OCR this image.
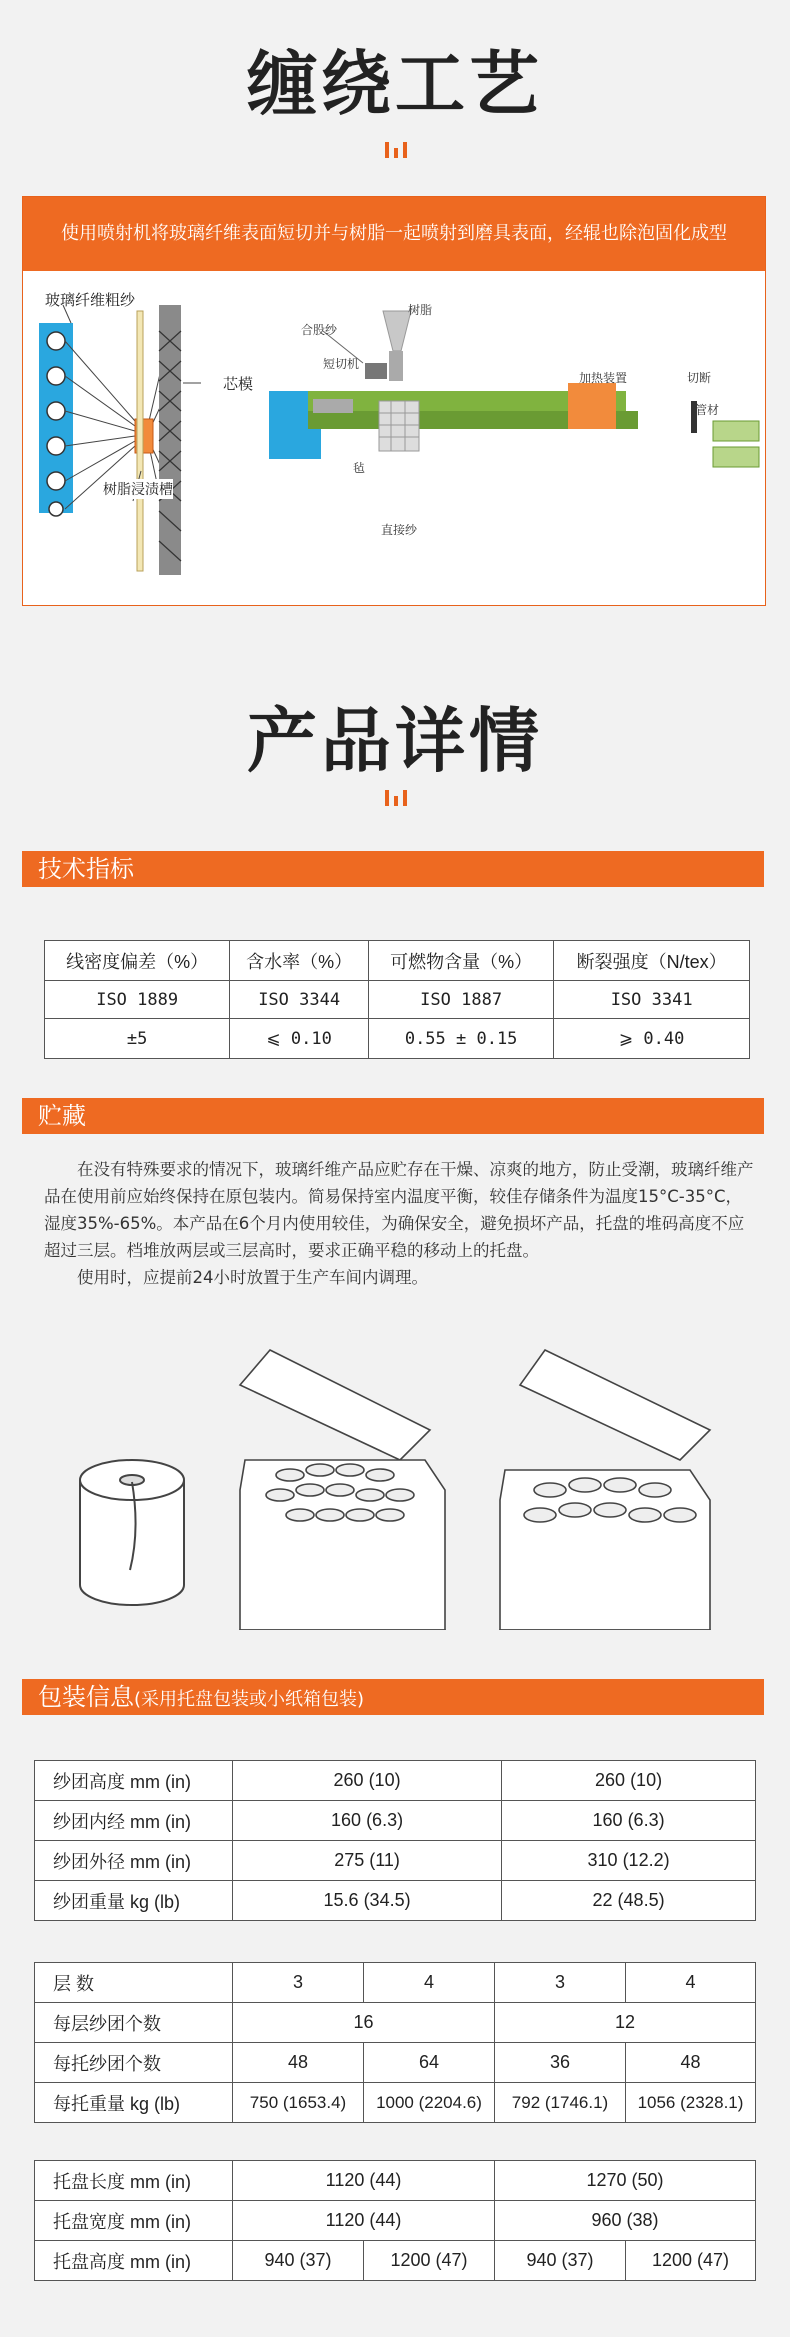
缠绕工艺
使用喷射机将玻璃纤维表面短切并与树脂一起喷射到磨具表面，经辊也除泡固化成型
玻璃纤维粗纱
芯模
树脂浸渍槽
树脂
合股纱
短切机
加热装置	切断
管材
毡
直接纱
产品详情
技术指标
线密度偏差（%）	含水率（%）	可燃物含量（%）	断裂强度（N/tex）
ISO 1889	ISO 3344	ISO 1887	ISO 3341
±5	⩽ 0.10	0.55 ± 0.15	⩾ 0.40
贮藏

在没有特殊要求的情况下，玻璃纤维产品应贮存在干燥、凉爽的地方，防止受潮，玻璃纤维产品在使用前应始终保持在原包装内。简易保持室内温度平衡，较佳存储条件为温度15°C-35°C，湿度35%-65%。本产品在6个月内使用较佳，为确保安全，避免损坏产品，托盘的堆码高度不应超过三层。档堆放两层或三层高时，要求正确平稳的移动上的托盘。

使用时，应提前24小时放置于生产车间内调理。

包装信息(采用托盘包装或小纸箱包装)
纱团高度 mm (in)	260 (10)	260 (10)
纱团内经 mm (in)	160 (6.3)	160 (6.3)
纱团外径 mm (in)	275 (11)	310 (12.2)
纱团重量 kg (lb)	15.6 (34.5)	22 (48.5)
层 数	3	4	3	4
每层纱团个数	16		12	
每托纱团个数	48	64	36	48
每托重量 kg (lb)	750 (1653.4)	1000 (2204.6)	792 (1746.1)	1056 (2328.1)
托盘长度 mm (in)	1120 (44)		1270 (50)	
托盘宽度 mm (in)	1120 (44)		960 (38)	
托盘高度 mm (in)	940 (37)	1200 (47)	940 (37)	1200 (47)
